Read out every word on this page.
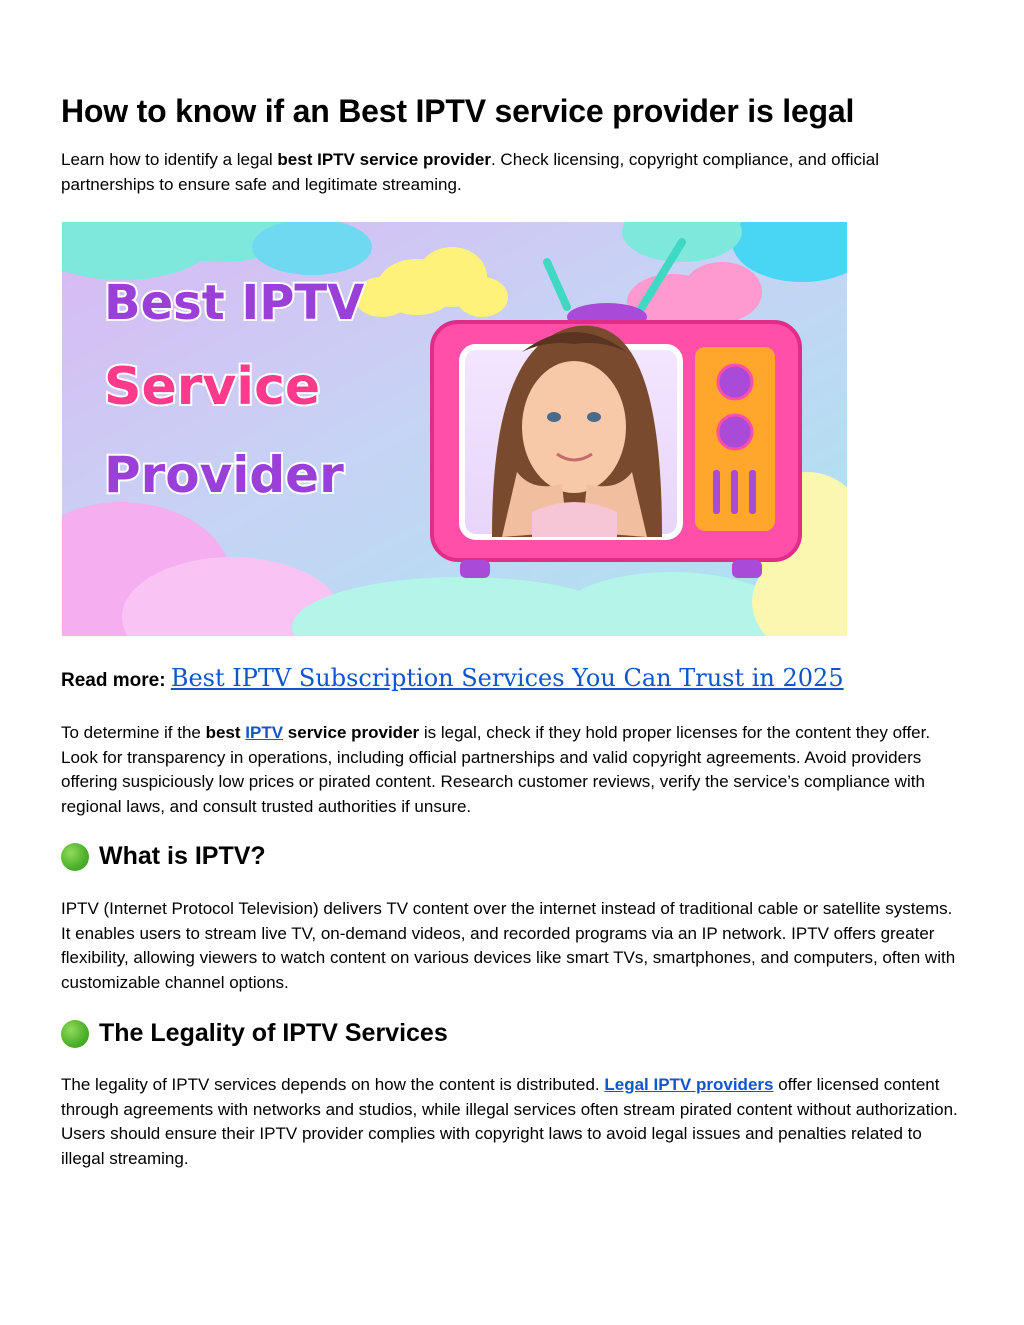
How to know if an Best IPTV service provider is legal

Learn how to identify a legal best IPTV service provider. Check licensing, copyright compliance, and official partnerships to ensure safe and legitimate streaming.

Best IPTV
Service
Provider
Read more: Best IPTV Subscription Services You Can Trust in 2025

To determine if the best IPTV service provider is legal, check if they hold proper licenses for the content they offer. Look for transparency in operations, including official partnerships and valid copyright agreements. Avoid providers offering suspiciously low prices or pirated content. Research customer reviews, verify the service’s compliance with regional laws, and consult trusted authorities if unsure.

What is IPTV?

IPTV (Internet Protocol Television) delivers TV content over the internet instead of traditional cable or satellite systems. It enables users to stream live TV, on-demand videos, and recorded programs via an IP network. IPTV offers greater flexibility, allowing viewers to watch content on various devices like smart TVs, smartphones, and computers, often with customizable channel options.

The Legality of IPTV Services

The legality of IPTV services depends on how the content is distributed. Legal IPTV providers offer licensed content through agreements with networks and studios, while illegal services often stream pirated content without authorization. Users should ensure their IPTV provider complies with copyright laws to avoid legal issues and penalties related to illegal streaming.
